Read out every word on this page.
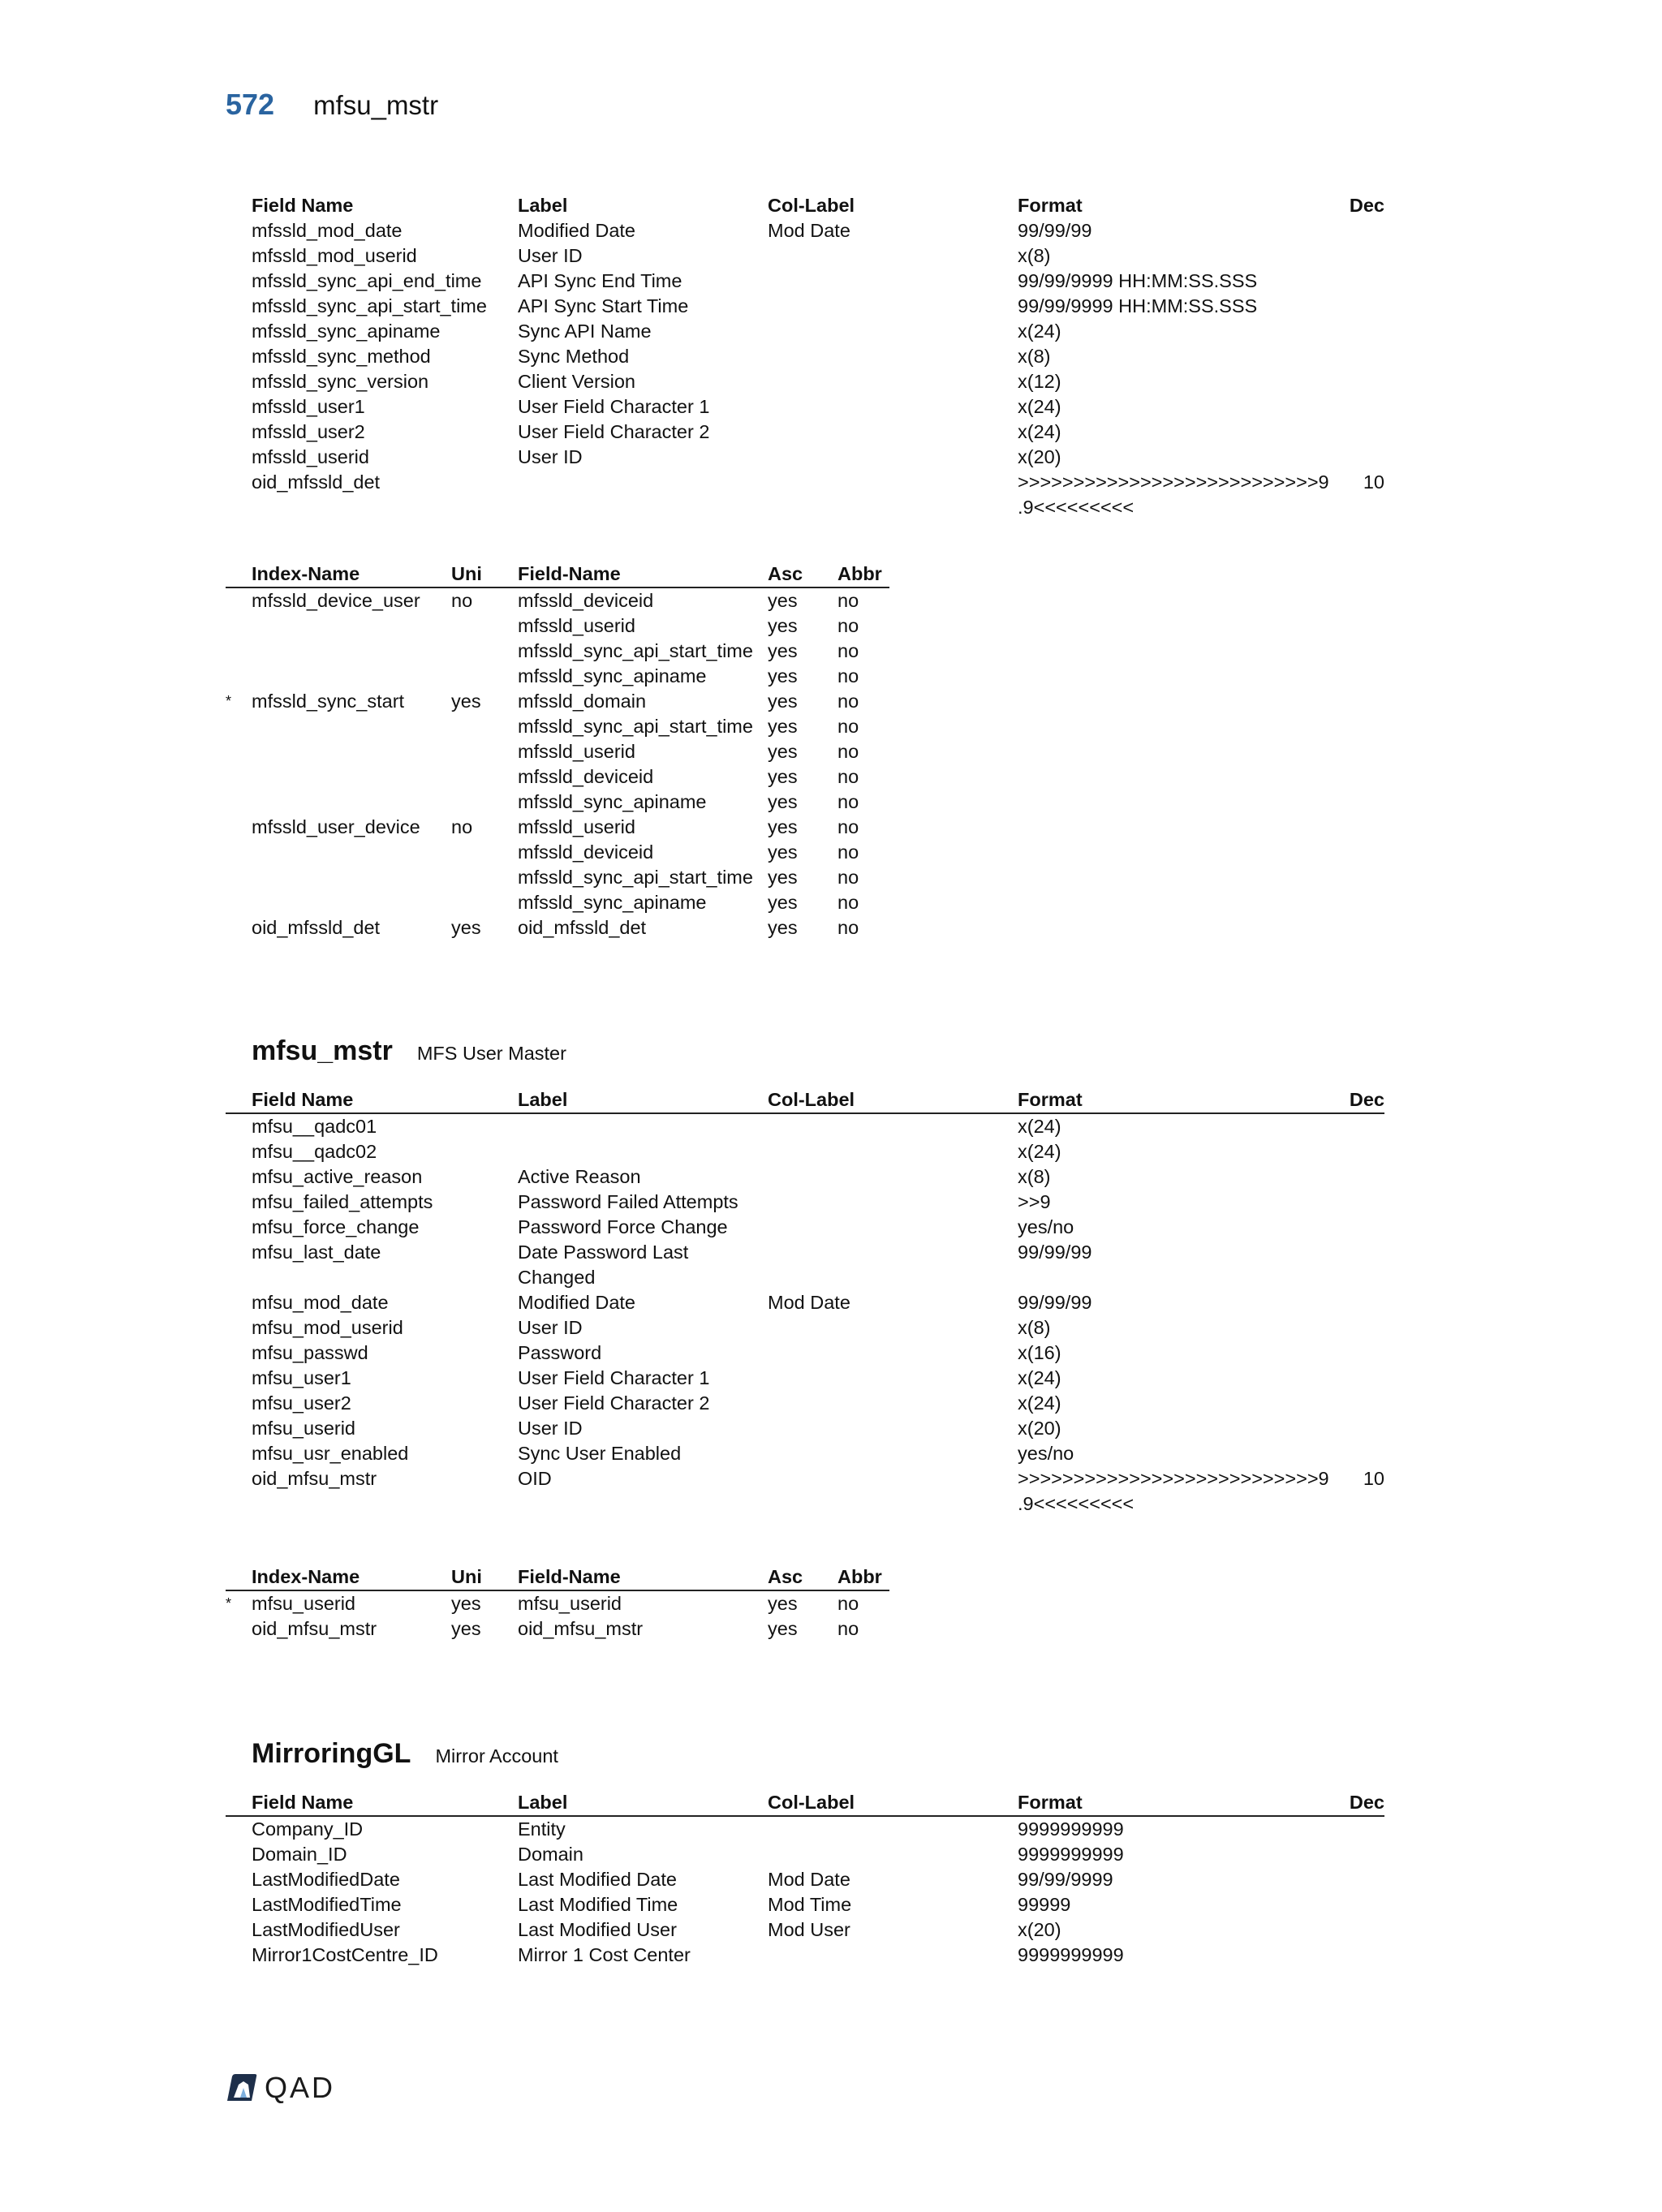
572 mfsu_mstr
	Field Name	Label	Col-Label	Format	Dec
	mfssld_mod_date	Modified Date	Mod Date	99/99/99	
	mfssld_mod_userid	User ID		x(8)	
	mfssld_sync_api_end_time	API Sync End Time		99/99/9999 HH:MM:SS.SSS	
	mfssld_sync_api_start_time	API Sync Start Time		99/99/9999 HH:MM:SS.SSS	
	mfssld_sync_apiname	Sync API Name		x(24)	
	mfssld_sync_method	Sync Method		x(8)	
	mfssld_sync_version	Client Version		x(12)	
	mfssld_user1	User Field Character 1		x(24)	
	mfssld_user2	User Field Character 2		x(24)	
	mfssld_userid	User ID		x(20)	
	oid_mfssld_det			>>>>>>>>>>>>>>>>>>>>>>>>>>>9 .9<<<<<<<<<	10
	Index-Name	Uni	Field-Name	Asc	Abbr
	mfssld_device_user	no	mfssld_deviceid	yes	no
			mfssld_userid	yes	no
			mfssld_sync_api_start_time	yes	no
			mfssld_sync_apiname	yes	no
*	mfssld_sync_start	yes	mfssld_domain	yes	no
			mfssld_sync_api_start_time	yes	no
			mfssld_userid	yes	no
			mfssld_deviceid	yes	no
			mfssld_sync_apiname	yes	no
	mfssld_user_device	no	mfssld_userid	yes	no
			mfssld_deviceid	yes	no
			mfssld_sync_api_start_time	yes	no
			mfssld_sync_apiname	yes	no
	oid_mfssld_det	yes	oid_mfssld_det	yes	no
mfsu_mstr MFS User Master
	Field Name	Label	Col-Label	Format	Dec
	mfsu__qadc01			x(24)	
	mfsu__qadc02			x(24)	
	mfsu_active_reason	Active Reason		x(8)	
	mfsu_failed_attempts	Password Failed Attempts		>>9	
	mfsu_force_change	Password Force Change		yes/no	
	mfsu_last_date	Date Password Last Changed		99/99/99	
	mfsu_mod_date	Modified Date	Mod Date	99/99/99	
	mfsu_mod_userid	User ID		x(8)	
	mfsu_passwd	Password		x(16)	
	mfsu_user1	User Field Character 1		x(24)	
	mfsu_user2	User Field Character 2		x(24)	
	mfsu_userid	User ID		x(20)	
	mfsu_usr_enabled	Sync User Enabled		yes/no	
	oid_mfsu_mstr	OID		>>>>>>>>>>>>>>>>>>>>>>>>>>>9 .9<<<<<<<<<	10
	Index-Name	Uni	Field-Name	Asc	Abbr
*	mfsu_userid	yes	mfsu_userid	yes	no
	oid_mfsu_mstr	yes	oid_mfsu_mstr	yes	no
MirroringGL Mirror Account
	Field Name	Label	Col-Label	Format	Dec
	Company_ID	Entity		9999999999	
	Domain_ID	Domain		9999999999	
	LastModifiedDate	Last Modified Date	Mod Date	99/99/9999	
	LastModifiedTime	Last Modified Time	Mod Time	99999	
	LastModifiedUser	Last Modified User	Mod User	x(20)	
	Mirror1CostCentre_ID	Mirror 1 Cost Center		9999999999	
QAD
